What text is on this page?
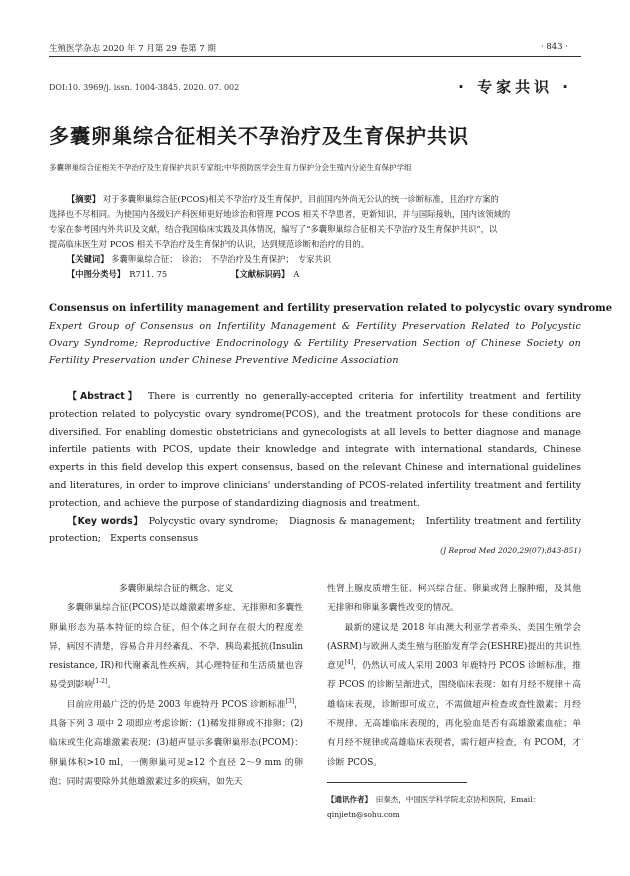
生殖医学杂志 2020 年 7 月第 29 卷第 7 期	· 843 ·
DOI:10. 3969/j. issn. 1004-3845. 2020. 07. 002	· 专家共识 ·
多囊卵巢综合征相关不孕治疗及生育保护共识
多囊卵巢综合征相关不孕治疗及生育保护共识专家组;中华预防医学会生育力保护分会生殖内分泌生育保护学组
【摘要】 对于多囊卵巢综合征(PCOS)相关不孕治疗及生育保护，目前国内外尚无公认的统一诊断标准，且治疗方案的
选择也不尽相同。为使国内各级妇产科医师更好地诊治和管理 PCOS 相关不孕患者，更新知识，并与国际接轨，国内该领域的
专家在参考国内外共识及文献，结合我国临床实践及具体情况，编写了“多囊卵巢综合征相关不孕治疗及生育保护共识”，以
提高临床医生对 PCOS 相关不孕治疗及生育保护的认识，达到规范诊断和治疗的目的。
【关键词】 多囊卵巢综合征；　诊治；　不孕治疗及生育保护；　专家共识
【中图分类号】　 R711. 75	【文献标识码】　 A
Consensus on infertility management and fertility preservation related to polycystic ovary syndrome
Expert Group of Consensus on Infertility Management & Fertility Preservation Related to Polycystic Ovary Syndrome; Reproductive Endocrinology & Fertility Preservation Section of Chinese Society on Fertility Preservation under Chinese Preventive Medicine Association

【Abstract】　 There is currently no generally-accepted criteria for infertility treatment and fertility protection related to polycystic ovary syndrome(PCOS), and the treatment protocols for these conditions are diversified. For enabling domestic obstetricians and gynecologists at all levels to better diagnose and manage infertile patients with PCOS, update their knowledge and integrate with international standards, Chinese experts in this field develop this expert consensus, based on the relevant Chinese and international guidelines and literatures, in order to improve clinicians' understanding of PCOS-related infertility treatment and fertility protection, and achieve the purpose of standardizing diagnosis and treatment.

【Key words】　 Polycystic ovary syndrome;　Diagnosis & management;　Infertility treatment and fertility protection;　Experts consensus

(J Reprod Med 2020,29(07):843-851)

多囊卵巢综合征的概念、定义

多囊卵巢综合征(PCOS)是以雄激素增多症、无排卵和多囊性卵巢形态为基本特征的综合征，但个体之间存在很大的程度差异，病因不清楚，容易合并月经紊乱、不孕、胰岛素抵抗(Insulin resistance, IR)和代谢紊乱性疾病，其心理特征和生活质量也容易受到影响[1-2]。

目前应用最广泛的仍是 2003 年鹿特丹 PCOS 诊断标准[3]，具备下列 3 项中 2 项即应考虑诊断：(1)稀发排卵或不排卵；(2)临床或生化高雄激素表现；(3)超声显示多囊卵巢形态(PCOM)：卵巢体积>10 ml，一侧卵巢可见≥12 个直径 2～9 mm 的卵泡；同时需要除外其他雄激素过多的疾病，如先天

性肾上腺皮质增生征、柯兴综合征、卵巢或肾上腺肿瘤，及其他无排卵和卵巢多囊性改变的情况。

最新的建议是 2018 年由澳大利亚学者牵头、美国生殖学会(ASRM)与欧洲人类生殖与胚胎发育学会(ESHRE)提出的共识性意见[4]，仍然认可成人采用 2003 年鹿特丹 PCOS 诊断标准，推荐 PCOS 的诊断呈渐进式，围绕临床表现：如有月经不规律＋高雄临床表现，诊断即可成立，不需做超声检查或查性激素；月经不规律、无高雄临床表现的，再化验血是否有高雄激素血症；单有月经不规律或高雄临床表现者，需行超声检查，有 PCOM，才诊断 PCOS。

【通讯作者】　 田秦杰，中国医学科学院北京协和医院，Email：qinjietn@sohu.com
